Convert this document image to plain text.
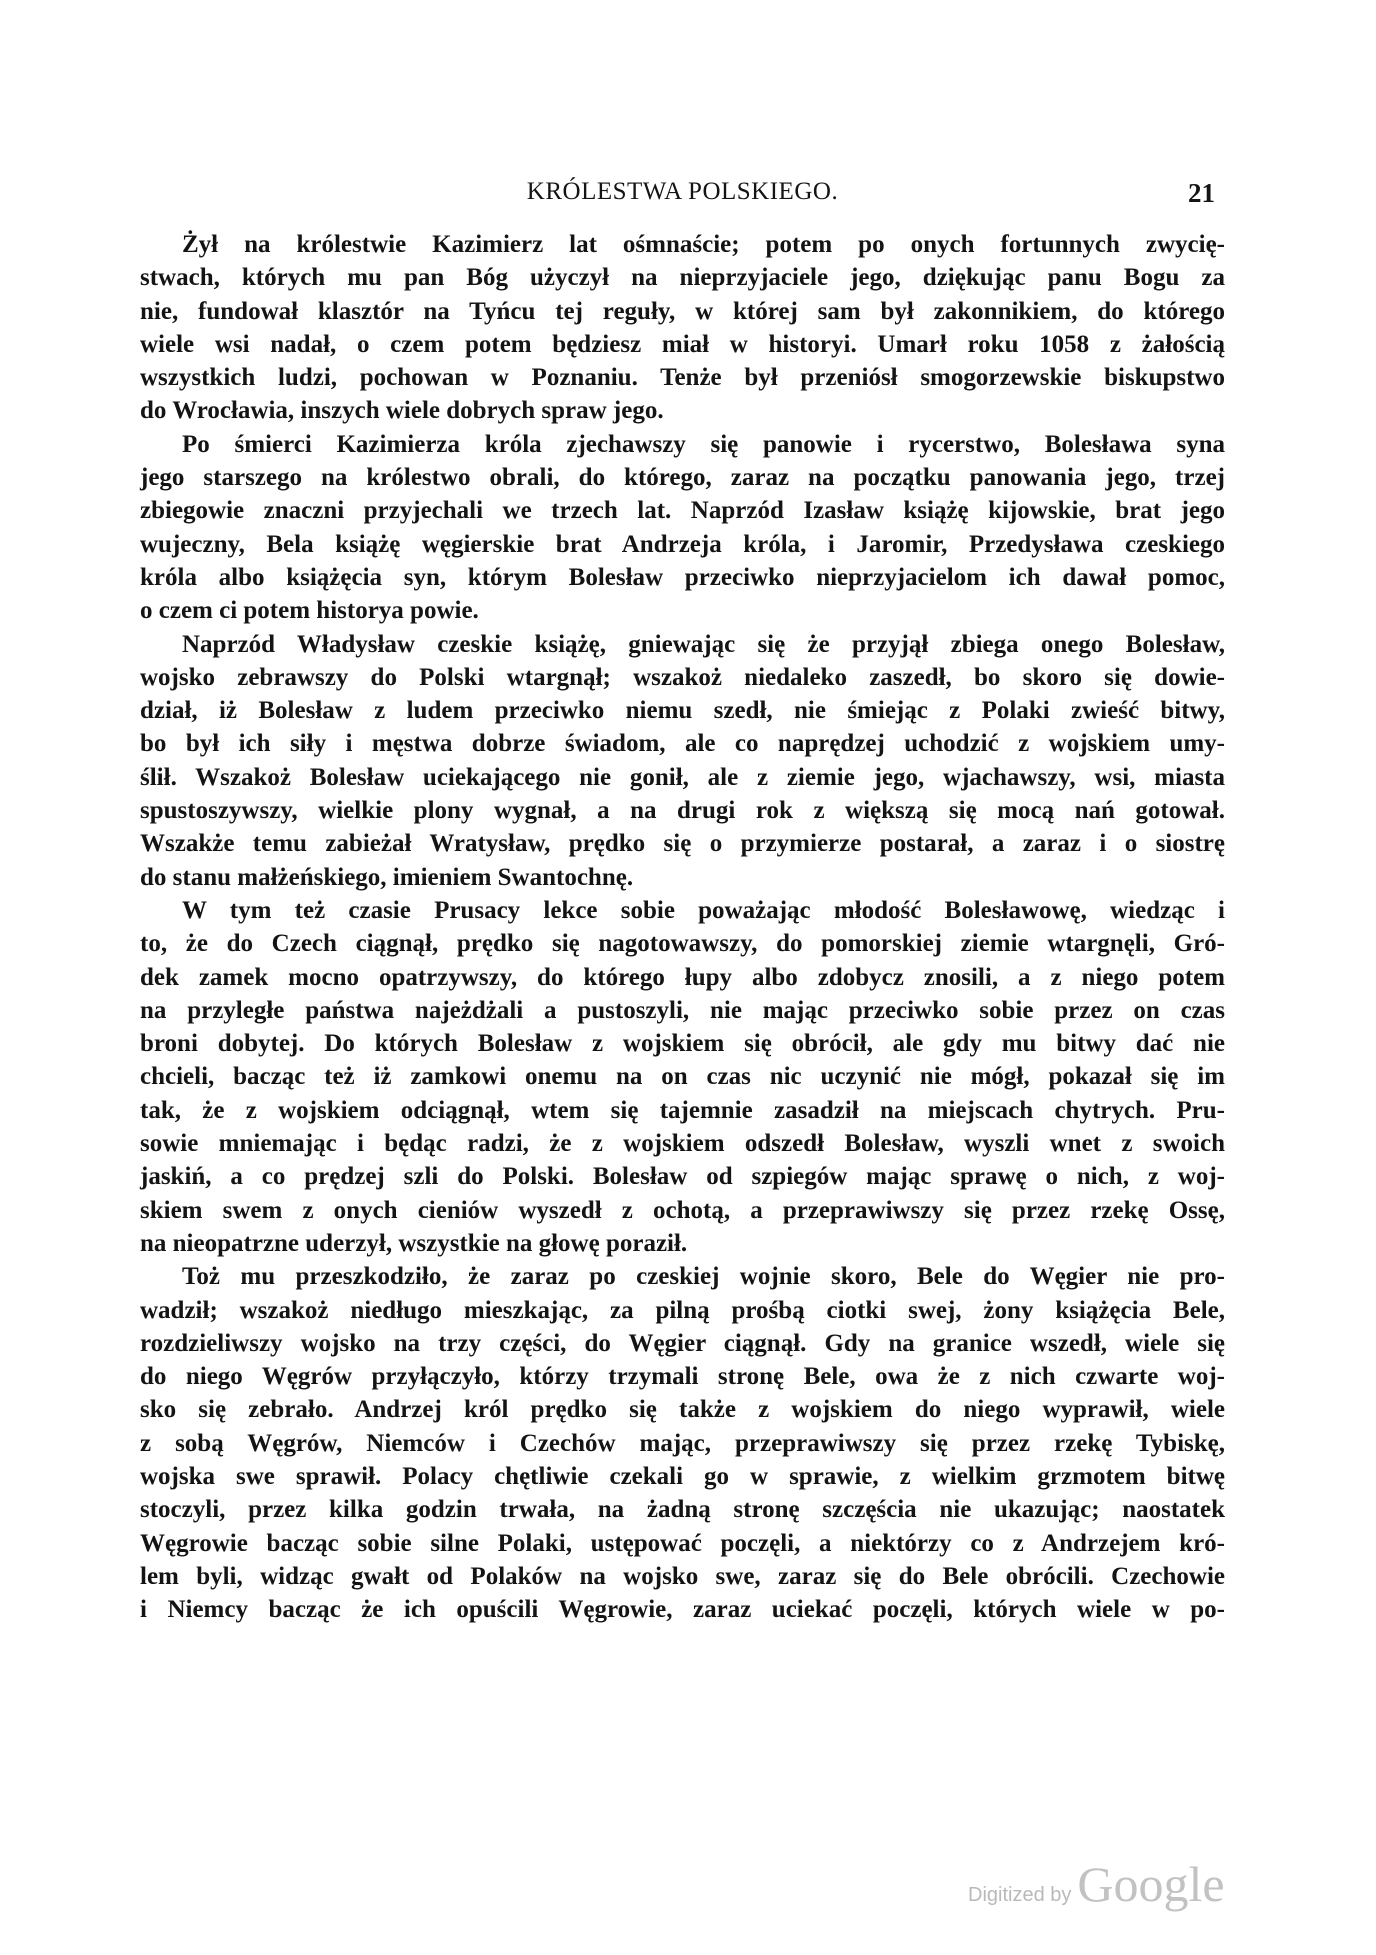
KRÓLESTWA POLSKIEGO.	21
Żył na królestwie Kazimierz lat ośmnaście; potem po onych fortunnych zwycię-
stwach, których mu pan Bóg użyczył na nieprzyjaciele jego, dziękując panu Bogu za
nie, fundował klasztór na Tyńcu tej reguły, w której sam był zakonnikiem, do którego
wiele wsi nadał, o czem potem będziesz miał w historyi. Umarł roku 1058 z żałością
wszystkich ludzi, pochowan w Poznaniu. Tenże był przeniósł smogorzewskie biskupstwo
do Wrocławia, inszych wiele dobrych spraw jego.
Po śmierci Kazimierza króla zjechawszy się panowie i rycerstwo, Bolesława syna
jego starszego na królestwo obrali, do którego, zaraz na początku panowania jego, trzej
zbiegowie znaczni przyjechali we trzech lat. Naprzód Izasław książę kijowskie, brat jego
wujeczny, Bela książę węgierskie brat Andrzeja króla, i Jaromir, Przedysława czeskiego
króla albo książęcia syn, którym Bolesław przeciwko nieprzyjacielom ich dawał pomoc,
o czem ci potem historya powie.
Naprzód Władysław czeskie książę, gniewając się że przyjął zbiega onego Bolesław,
wojsko zebrawszy do Polski wtargnął; wszakoż niedaleko zaszedł, bo skoro się dowie-
dział, iż Bolesław z ludem przeciwko niemu szedł, nie śmiejąc z Polaki zwieść bitwy,
bo był ich siły i męstwa dobrze świadom, ale co naprędzej uchodzić z wojskiem umy-
ślił. Wszakoż Bolesław uciekającego nie gonił, ale z ziemie jego, wjachawszy, wsi, miasta
spustoszywszy, wielkie plony wygnał, a na drugi rok z większą się mocą nań gotował.
Wszakże temu zabieżał Wratysław, prędko się o przymierze postarał, a zaraz i o siostrę
do stanu małżeńskiego, imieniem Swantochnę.
W tym też czasie Prusacy lekce sobie poważając młodość Bolesławowę, wiedząc i
to, że do Czech ciągnął, prędko się nagotowawszy, do pomorskiej ziemie wtargnęli, Gró-
dek zamek mocno opatrzywszy, do którego łupy albo zdobycz znosili, a z niego potem
na przyległe państwa najeżdżali a pustoszyli, nie mając przeciwko sobie przez on czas
broni dobytej. Do których Bolesław z wojskiem się obrócił, ale gdy mu bitwy dać nie
chcieli, bacząc też iż zamkowi onemu na on czas nic uczynić nie mógł, pokazał się im
tak, że z wojskiem odciągnął, wtem się tajemnie zasadził na miejscach chytrych. Pru-
sowie mniemając i będąc radzi, że z wojskiem odszedł Bolesław, wyszli wnet z swoich
jaskiń, a co prędzej szli do Polski. Bolesław od szpiegów mając sprawę o nich, z woj-
skiem swem z onych cieniów wyszedł z ochotą, a przeprawiwszy się przez rzekę Ossę,
na nieopatrzne uderzył, wszystkie na głowę poraził.
Toż mu przeszkodziło, że zaraz po czeskiej wojnie skoro, Bele do Węgier nie pro-
wadził; wszakoż niedługo mieszkając, za pilną prośbą ciotki swej, żony książęcia Bele,
rozdzieliwszy wojsko na trzy części, do Węgier ciągnął. Gdy na granice wszedł, wiele się
do niego Węgrów przyłączyło, którzy trzymali stronę Bele, owa że z nich czwarte woj-
sko się zebrało. Andrzej król prędko się także z wojskiem do niego wyprawił, wiele
z sobą Węgrów, Niemców i Czechów mając, przeprawiwszy się przez rzekę Tybiskę,
wojska swe sprawił. Polacy chętliwie czekali go w sprawie, z wielkim grzmotem bitwę
stoczyli, przez kilka godzin trwała, na żadną stronę szczęścia nie ukazując; naostatek
Węgrowie bacząc sobie silne Polaki, ustępować poczęli, a niektórzy co z Andrzejem kró-
lem byli, widząc gwałt od Polaków na wojsko swe, zaraz się do Bele obrócili. Czechowie
i Niemcy bacząc że ich opuścili Węgrowie, zaraz uciekać poczęli, których wiele w po-
Digitized by Google
